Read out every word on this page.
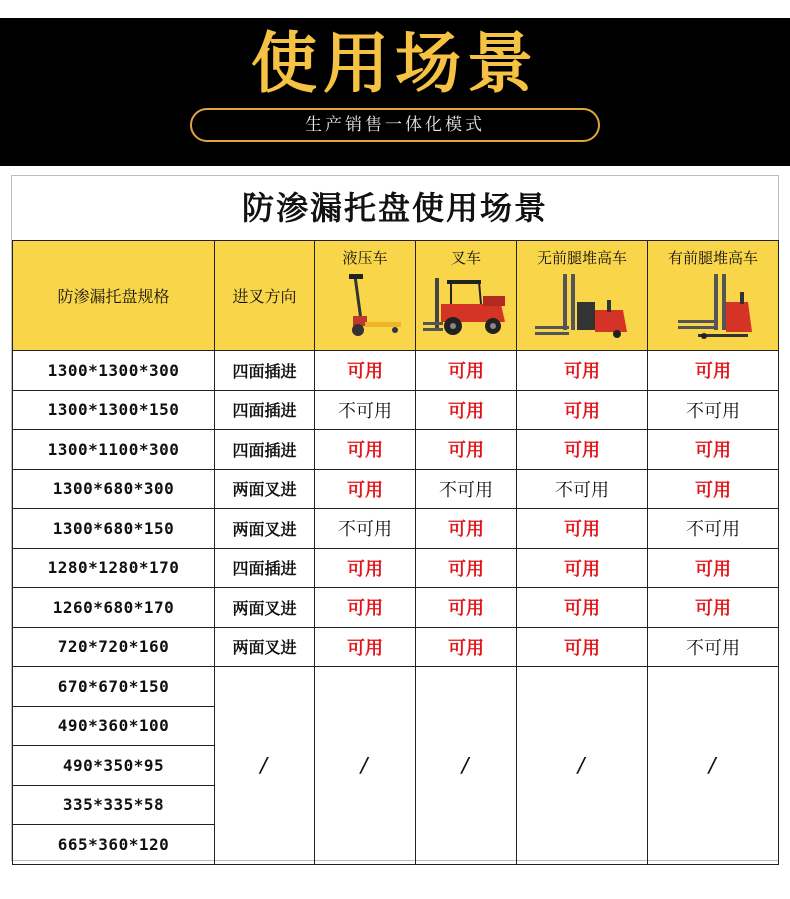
使用场景
生产销售一体化模式
防渗漏托盘使用场景
防渗漏托盘规格	进叉方向	液压车	叉车	无前腿堆高车	有前腿堆高车

1300*1300*300	四面插进	可用	可用	可用	可用
1300*1300*150	四面插进	不可用	可用	可用	不可用
1300*1100*300	四面插进	可用	可用	可用	可用
1300*680*300	两面叉进	可用	不可用	不可用	可用
1300*680*150	两面叉进	不可用	可用	可用	不可用
1280*1280*170	四面插进	可用	可用	可用	可用
1260*680*170	两面叉进	可用	可用	可用	可用
720*720*160	两面叉进	可用	可用	可用	不可用
670*670*150	/	/	/	/	/
490*360*100					
490*350*95					
335*335*58					
665*360*120					
